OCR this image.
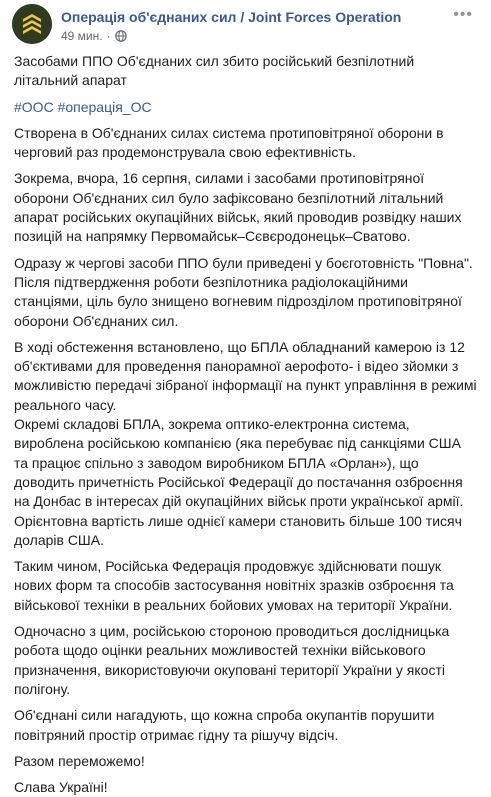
Операція об'єднаних сил / Joint Forces Operation
49 мин. ·
•••

Засобами ППО Об'єднаних сил збито російський безпілотний літальний апарат

#ООС #операція_ОС

Створена в Об'єднаних силах система протиповітряної оборони в черговий раз продемонструвала свою ефективність.

Зокрема, вчора, 16 серпня, силами і засобами протиповітряної оборони Об'єднаних сил було зафіксовано безпілотний літальний апарат російських окупаційних військ, який проводив розвідку наших позицій на напрямку Первомайськ–Сєвєродонецьк–Сватово.

Одразу ж чергові засоби ППО були приведені у боєготовність "Повна". Після підтвердження роботи безпілотника радіолокаційними станціями, ціль було знищено вогневим підрозділом протиповітряної оборони Об'єднаних сил.

В ході обстеження встановлено, що БПЛА обладнаний камерою із 12 об'єктивами для проведення панорамної аерофото- і відео зйомки з можливістю передачі зібраної інформації на пункт управління в режимі реального часу.

Окремі складові БПЛА, зокрема оптико-електронна система, вироблена російською компанією (яка перебуває під санкціями США та працює спільно з заводом виробником БПЛА «Орлан»), що доводить причетність Російської Федерації до постачання озброєння на Донбас в інтересах дій окупаційних військ проти української армії. Орієнтовна вартість лише однієї камери становить більше 100 тисяч доларів США.

Таким чином, Російська Федерація продовжує здійснювати пошук нових форм та способів застосування новітніх зразків озброєння та військової техніки в реальних бойових умовах на території України.

Одночасно з цим, російською стороною проводиться дослідницька робота щодо оцінки реальних можливостей техніки військового призначення, використовуючи окуповані території України у якості полігону.

Об'єднані сили нагадують, що кожна спроба окупантів порушити повітряний простір отримає гідну та рішучу відсіч.

Разом переможемо!

Слава Україні!
